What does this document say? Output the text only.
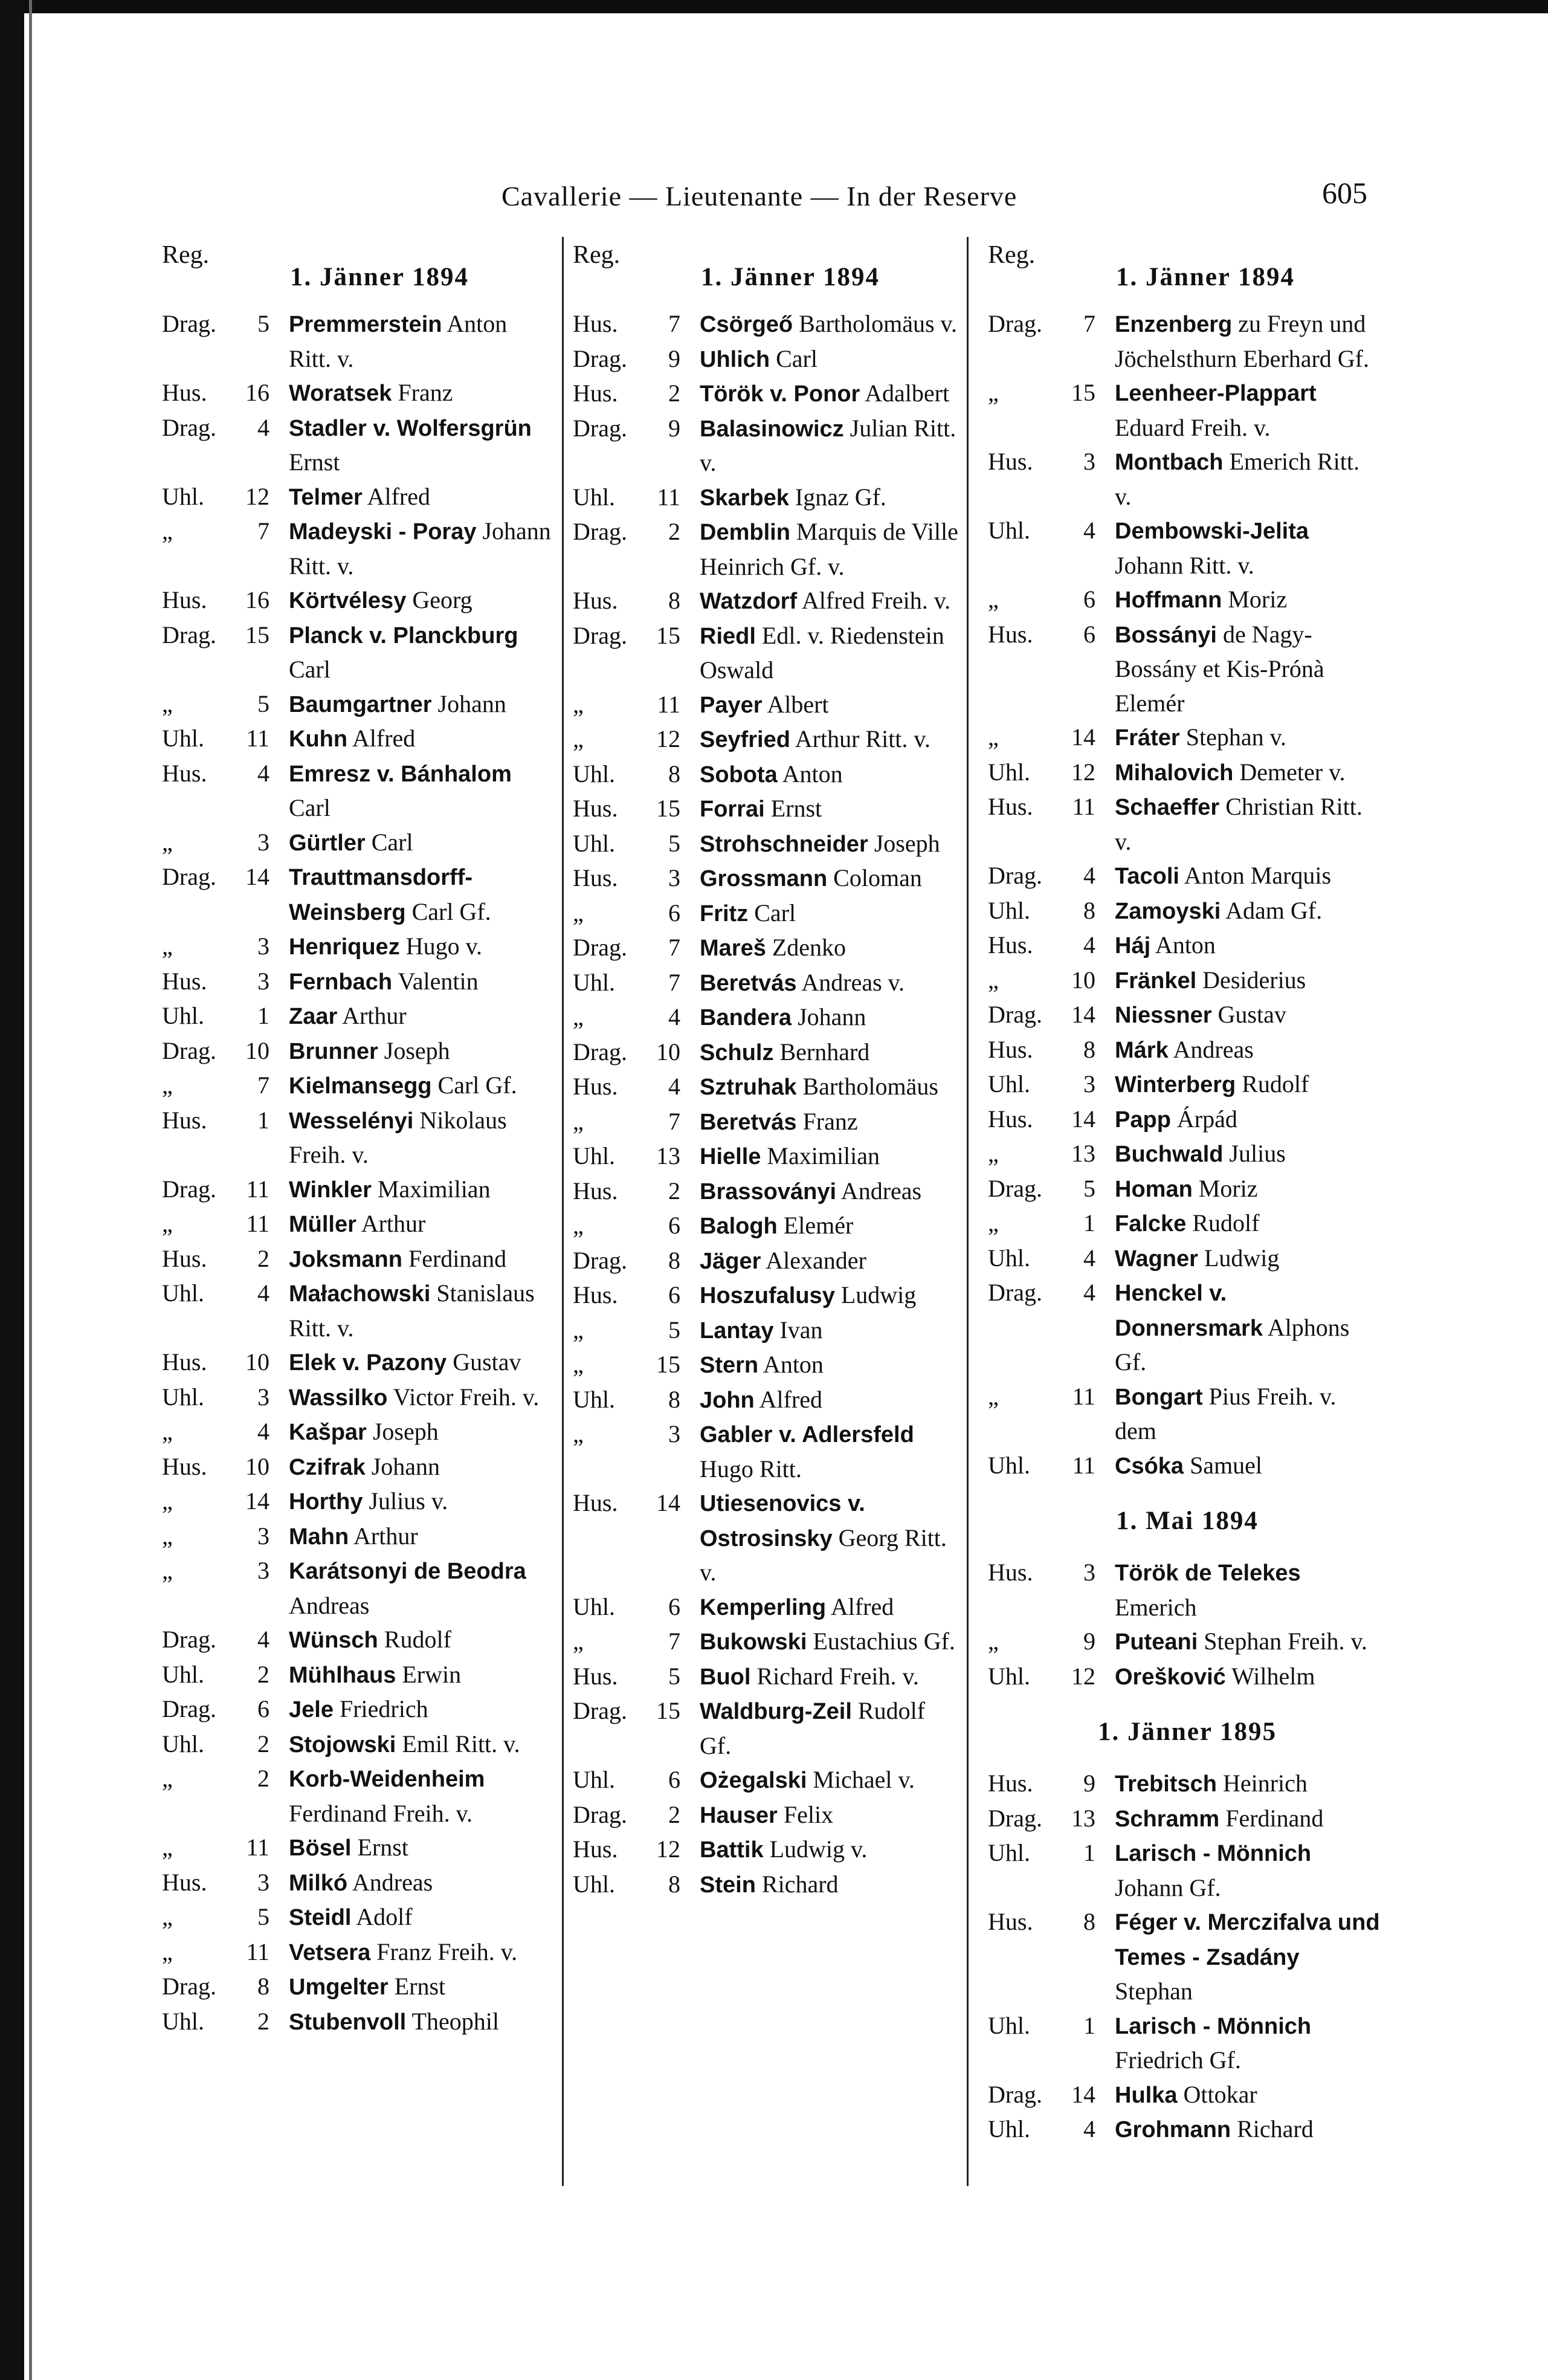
Cavallerie — Lieutenante — In der Reserve	605
Reg.
1. Jänner 1894
Drag.	5 Premmerstein Anton Ritt. v.
Hus.	16 Woratsek Franz
Drag.	4 Stadler v. Wolfersgrün Ernst
Uhl.	12 Telmer Alfred
„	7 Madeyski - Poray Johann Ritt. v.
Hus.	16 Körtvélesy Georg
Drag.	15 Planck v. Planckburg Carl
„	5 Baumgartner Johann
Uhl.	11 Kuhn Alfred
Hus.	4 Emresz v. Bánhalom Carl
„	3 Gürtler Carl
Drag.	14 Trauttmansdorff-Weinsberg Carl Gf.
„	3 Henriquez Hugo v.
Hus.	3 Fernbach Valentin
Uhl.	1 Zaar Arthur
Drag.	10 Brunner Joseph
„	7 Kielmansegg Carl Gf.
Hus.	1 Wesselényi Nikolaus Freih. v.
Drag.	11 Winkler Maximilian
„	11 Müller Arthur
Hus.	2 Joksmann Ferdinand
Uhl.	4 Małachowski Stanislaus Ritt. v.
Hus.	10 Elek v. Pazony Gustav
Uhl.	3 Wassilko Victor Freih. v.
„	4 Kašpar Joseph
Hus.	10 Czifrak Johann
„	14 Horthy Julius v.
„	3 Mahn Arthur
„	3 Karátsonyi de Beodra Andreas
Drag.	4 Wünsch Rudolf
Uhl.	2 Mühlhaus Erwin
Drag.	6 Jele Friedrich
Uhl.	2 Stojowski Emil Ritt. v.
„	2 Korb-Weidenheim Ferdinand Freih. v.
„	11 Bösel Ernst
Hus.	3 Milkó Andreas
„	5 Steidl Adolf
„	11 Vetsera Franz Freih. v.
Drag.	8 Umgelter Ernst
Uhl.	2 Stubenvoll Theophil
Reg.
1. Jänner 1894
Hus.	7 Csörgeő Bartholomäus v.
Drag.	9 Uhlich Carl
Hus.	2 Török v. Ponor Adalbert
Drag.	9 Balasinowicz Julian Ritt. v.
Uhl.	11 Skarbek Ignaz Gf.
Drag.	2 Demblin Marquis de Ville Heinrich Gf. v.
Hus.	8 Watzdorf Alfred Freih. v.
Drag.	15 Riedl Edl. v. Riedenstein Oswald
„	11 Payer Albert
„	12 Seyfried Arthur Ritt. v.
Uhl.	8 Sobota Anton
Hus.	15 Forrai Ernst
Uhl.	5 Strohschneider Joseph
Hus.	3 Grossmann Coloman
„	6 Fritz Carl
Drag.	7 Mareš Zdenko
Uhl.	7 Beretvás Andreas v.
„	4 Bandera Johann
Drag.	10 Schulz Bernhard
Hus.	4 Sztruhak Bartholomäus
„	7 Beretvás Franz
Uhl.	13 Hielle Maximilian
Hus.	2 Brassoványi Andreas
„	6 Balogh Elemér
Drag.	8 Jäger Alexander
Hus.	6 Hoszufalusy Ludwig
„	5 Lantay Ivan
„	15 Stern Anton
Uhl.	8 John Alfred
„	3 Gabler v. Adlersfeld Hugo Ritt.
Hus.	14 Utiesenovics v. Ostrosinsky Georg Ritt. v.
Uhl.	6 Kemperling Alfred
„	7 Bukowski Eustachius Gf.
Hus.	5 Buol Richard Freih. v.
Drag.	15 Waldburg-Zeil Rudolf Gf.
Uhl.	6 Ożegalski Michael v.
Drag.	2 Hauser Felix
Hus.	12 Battik Ludwig v.
Uhl.	8 Stein Richard
Reg.
1. Jänner 1894
Drag.	7 Enzenberg zu Freyn und Jöchelsthurn Eberhard Gf.
„	15 Leenheer-Plappart Eduard Freih. v.
Hus.	3 Montbach Emerich Ritt. v.
Uhl.	4 Dembowski-Jelita Johann Ritt. v.
„	6 Hoffmann Moriz
Hus.	6 Bossányi de Nagy-Bossány et Kis-Prónà Elemér
„	14 Fráter Stephan v.
Uhl.	12 Mihalovich Demeter v.
Hus.	11 Schaeffer Christian Ritt. v.
Drag.	4 Tacoli Anton Marquis
Uhl.	8 Zamoyski Adam Gf.
Hus.	4 Háj Anton
„	10 Fränkel Desiderius
Drag.	14 Niessner Gustav
Hus.	8 Márk Andreas
Uhl.	3 Winterberg Rudolf
Hus.	14 Papp Árpád
„	13 Buchwald Julius
Drag.	5 Homan Moriz
„	1 Falcke Rudolf
Uhl.	4 Wagner Ludwig
Drag.	4 Henckel v. Donnersmark Alphons Gf.
„	11 Bongart Pius Freih. v. dem
Uhl.	11 Csóka Samuel
1. Mai 1894
Hus.	3 Török de Telekes Emerich
„	9 Puteani Stephan Freih. v.
Uhl.	12 Orešković Wilhelm
1. Jänner 1895
Hus.	9 Trebitsch Heinrich
Drag.	13 Schramm Ferdinand
Uhl.	1 Larisch - Mönnich Johann Gf.
Hus.	8 Féger v. Merczifalva und Temes - Zsadány Stephan
Uhl.	1 Larisch - Mönnich Friedrich Gf.
Drag.	14 Hulka Ottokar
Uhl.	4 Grohmann Richard
